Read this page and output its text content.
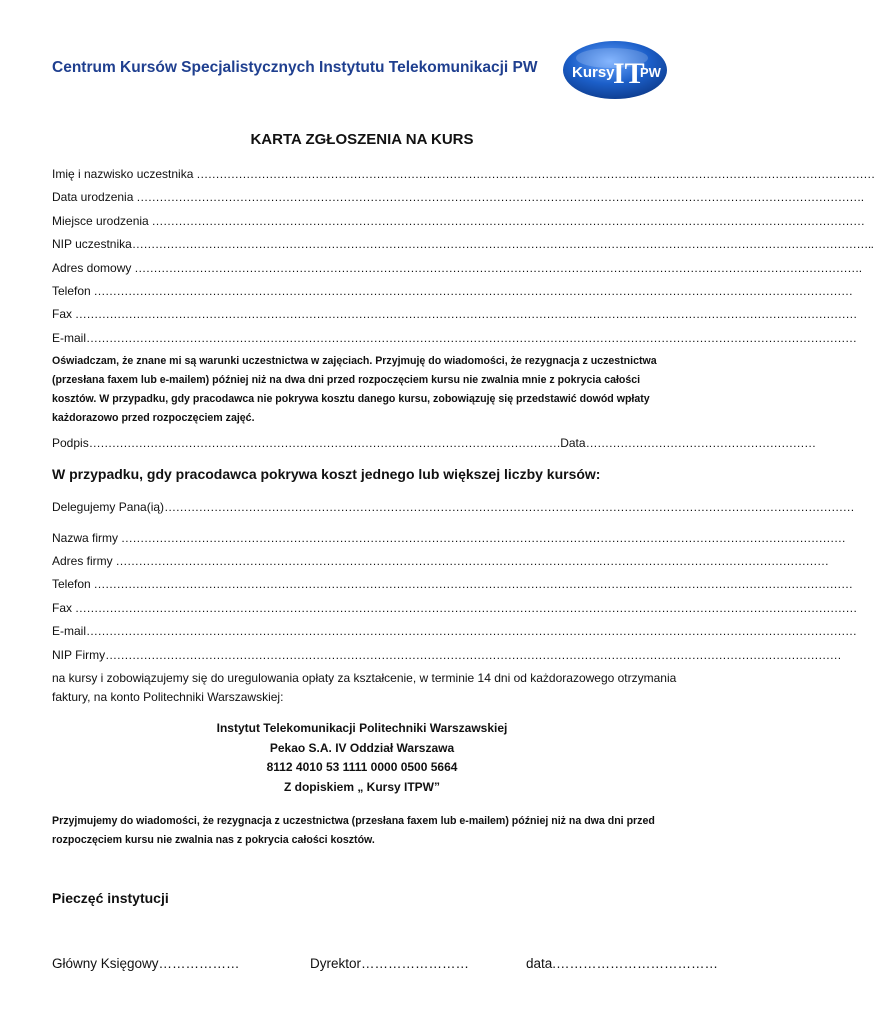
Centrum Kursów Specjalistycznych Instytutu Telekomunikacji PW Kursy
IT
PW
KARTA ZGŁOSZENIA NA KURS
Imię i nazwisko uczestnika ……………………………………………………………………………………………………………………………………………………………
Data urodzenia ……………………………………………………………………………………………………………………………………………………………………….
Miejsce urodzenia ……………………………………………………………………………………………………………………………………………………………………
NIP uczestnika…………………………………………………………………………………………………………………………………………………………………………..
Adres domowy ……………………………………………………………………………………………………………………………………………………………………….
Telefon ………………………………………………………………………………………………………………………………………………………………………………
Fax ……………………………………………………………………………………………………………………………………………………………………………………
E-mail…………………………………………………………………………………………………………………………………………………………………………………
Oświadczam, że znane mi są warunki uczestnictwa w zajęciach. Przyjmuję do wiadomości, że rezygnacja z uczestnictwa (przesłana faxem lub e-mailem) później niż na dwa dni przed rozpoczęciem kursu nie zwalnia mnie z pokrycia całości kosztów. W przypadku, gdy pracodawca nie pokrywa kosztu danego kursu, zobowiązuję się przedstawić dowód wpłaty każdorazowo przed rozpoczęciem zajęć.
Podpis……………………………………………………………………………………………………………Data……………………………………………………
W przypadku, gdy pracodawca pokrywa koszt jednego lub większej liczby kursów:
Delegujemy Pana(ią)………………………………………………………………………………………………………………………………………………………………
Nazwa firmy ………………………………………………………………………………………………………………………………………………………………………
Adres firmy ……………………………………………………………………………………………………………………………………………………………………
Telefon ………………………………………………………………………………………………………………………………………………………………………………
Fax ……………………………………………………………………………………………………………………………………………………………………………………
E-mail…………………………………………………………………………………………………………………………………………………………………………………
NIP Firmy…………………………………………………………………………………………………………………………………………………………………………
na kursy i zobowiązujemy się do uregulowania opłaty za kształcenie, w terminie 14 dni od każdorazowego otrzymania faktury, na konto Politechniki Warszawskiej:
Instytut Telekomunikacji Politechniki Warszawskiej
Pekao S.A. IV Oddział Warszawa
8112 4010 53 1111 0000 0500 5664
Z dopiskiem „ Kursy ITPW”
Przyjmujemy do wiadomości, że rezygnacja z uczestnictwa (przesłana faxem lub e-mailem) później niż na dwa dni przed rozpoczęciem kursu nie zwalnia nas z pokrycia całości kosztów.
Pieczęć instytucji
Główny Księgowy………………	Dyrektor……………………	data.………………………………
